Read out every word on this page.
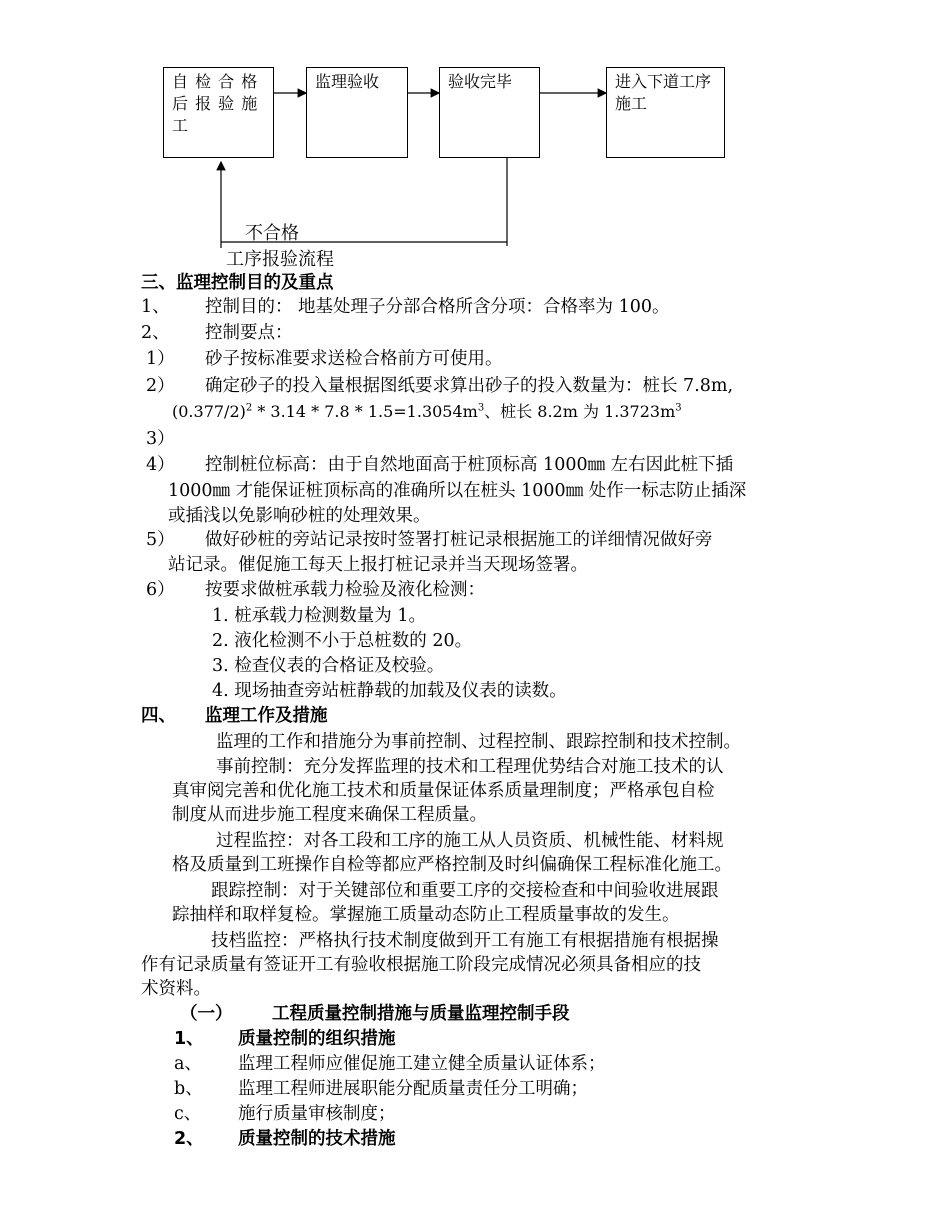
自 检 合 格 后 报 验 施 工
监理验收	验收完毕	进入下道工序施工
不合格
工序报验流程
三、监理控制目的及重点
1、 控制目的： 地基处理子分部合格所含分项：合格率为 100。
2、 控制要点：
1） 砂子按标准要求送检合格前方可使用。
2） 确定砂子的投入量根据图纸要求算出砂子的投入数量为：桩长 7.8m,
$(0.377/2)^2 * 3.14 * 7.8 * 1.5=1.3054m^3$、桩长 8.2m 为 $1.3723m^3$
3）
4） 控制桩位标高：由于自然地面高于桩顶标高 1000㎜ 左右因此桩下插
1000㎜ 才能保证桩顶标高的准确所以在桩头 1000㎜ 处作一标志防止插深
或插浅以免影响砂桩的处理效果。
5） 做好砂桩的旁站记录按时签署打桩记录根据施工的详细情况做好旁
站记录。催促施工每天上报打桩记录并当天现场签署。
6） 按要求做桩承载力检验及液化检测：
1. 桩承载力检测数量为 1。
2. 液化检测不小于总桩数的 20。
3. 检查仪表的合格证及校验。
4. 现场抽查旁站桩静载的加载及仪表的读数。
四、 监理工作及措施
监理的工作和措施分为事前控制、过程控制、跟踪控制和技术控制。
事前控制：充分发挥监理的技术和工程理优势结合对施工技术的认
真审阅完善和优化施工技术和质量保证体系质量理制度；严格承包自检
制度从而进步施工程度来确保工程质量。
过程监控：对各工段和工序的施工从人员资质、机械性能、材料规
格及质量到工班操作自检等都应严格控制及时纠偏确保工程标准化施工。
跟踪控制：对于关键部位和重要工序的交接检查和中间验收进展跟
踪抽样和取样复检。掌握施工质量动态防止工程质量事故的发生。
技档监控：严格执行技术制度做到开工有施工有根据措施有根据操
作有记录质量有签证开工有验收根据施工阶段完成情况必须具备相应的技
术资料。
（一） 工程质量控制措施与质量监理控制手段
1、 质量控制的组织措施
a、 监理工程师应催促施工建立健全质量认证体系；
b、 监理工程师进展职能分配质量责任分工明确；
c、 施行质量审核制度；
2、 质量控制的技术措施
